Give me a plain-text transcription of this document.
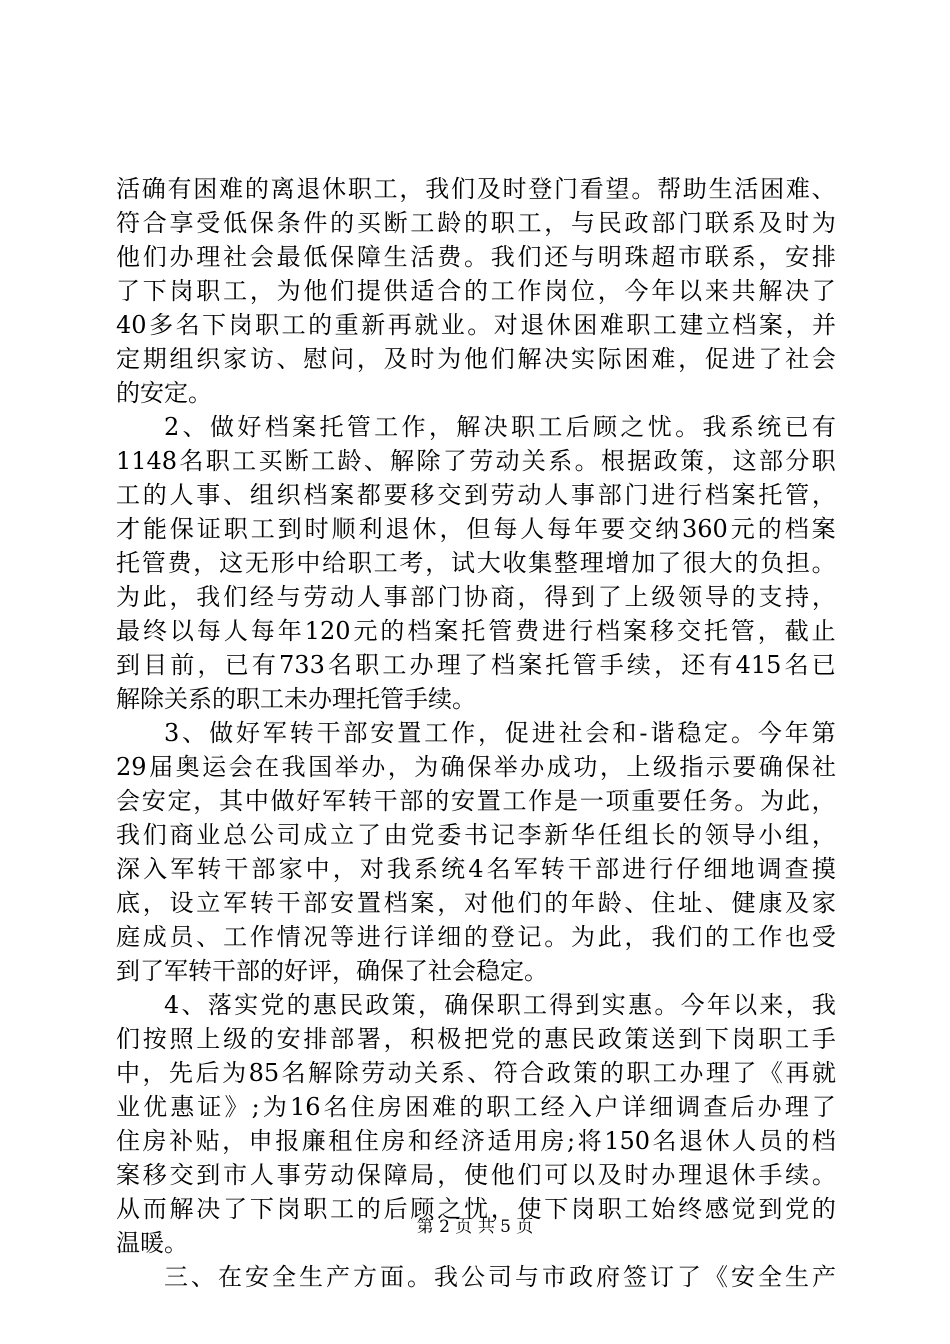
活 确 有 困 难 的 离 退 休 职 工 ， 我 们 及 时 登 门 看 望 。 帮 助 生 活 困 难 、
符 合 享 受 低 保 条 件 的 买 断 工 龄 的 职 工 ， 与 民 政 部 门 联 系 及 时 为
他 们 办 理 社 会 最 低 保 障 生 活 费 。 我 们 还 与 明 珠 超 市 联 系 ， 安 排
了 下 岗 职 工 ， 为 他 们 提 供 适 合 的 工 作 岗 位 ， 今 年 以 来 共 解 决 了
40 多 名 下 岗 职 工 的 重 新 再 就 业 。 对 退 休 困 难 职 工 建 立 档 案 ， 并
定 期 组 织 家 访 、 慰 问 ， 及 时 为 他 们 解 决 实 际 困 难 ， 促 进 了 社 会
的安定。
2 、 做 好 档 案 托 管 工 作 ， 解 决 职 工 后 顾 之 忧 。 我 系 统 已 有
1148 名 职 工 买 断 工 龄 、 解 除 了 劳 动 关 系 。 根 据 政 策 ， 这 部 分 职
工 的 人 事 、 组 织 档 案 都 要 移 交 到 劳 动 人 事 部 门 进 行 档 案 托 管 ，
才 能 保 证 职 工 到 时 顺 利 退 休 ， 但 每 人 每 年 要 交 纳 360 元 的 档 案
托 管 费 ， 这 无 形 中 给 职 工 考 ， 试 大 收 集 整 理 增 加 了 很 大 的 负 担 。
为 此 ， 我 们 经 与 劳 动 人 事 部 门 协 商 ， 得 到 了 上 级 领 导 的 支 持 ，
最 终 以 每 人 每 年 120 元 的 档 案 托 管 费 进 行 档 案 移 交 托 管 ， 截 止
到 目 前 ， 已 有 733 名 职 工 办 理 了 档 案 托 管 手 续 ， 还 有 415 名 已
解除关系的职工未办理托管手续。
3 、 做 好 军 转 干 部 安 置 工 作 ， 促 进 社 会 和 - 谐 稳 定 。 今 年 第
29 届 奥 运 会 在 我 国 举 办 ， 为 确 保 举 办 成 功 ， 上 级 指 示 要 确 保 社
会 安 定 ， 其 中 做 好 军 转 干 部 的 安 置 工 作 是 一 项 重 要 任 务 。 为 此 ，
我 们 商 业 总 公 司 成 立 了 由 党 委 书 记 李 新 华 任 组 长 的 领 导 小 组 ，
深 入 军 转 干 部 家 中 ， 对 我 系 统 4 名 军 转 干 部 进 行 仔 细 地 调 查 摸
底 ， 设 立 军 转 干 部 安 置 档 案 ， 对 他 们 的 年 龄 、 住 址 、 健 康 及 家
庭 成 员 、 工 作 情 况 等 进 行 详 细 的 登 记 。 为 此 ， 我 们 的 工 作 也 受
到了军转干部的好评，确保了社会稳定。
4 、 落 实 党 的 惠 民 政 策 ， 确 保 职 工 得 到 实 惠 。 今 年 以 来 ， 我
们 按 照 上 级 的 安 排 部 署 ， 积 极 把 党 的 惠 民 政 策 送 到 下 岗 职 工 手
中 ， 先 后 为 85 名 解 除 劳 动 关 系 、 符 合 政 策 的 职 工 办 理 了 《 再 就
业 优 惠 证 》 ; 为 16 名 住 房 困 难 的 职 工 经 入 户 详 细 调 查 后 办 理 了
住 房 补 贴 ， 申 报 廉 租 住 房 和 经 济 适 用 房 ; 将 150 名 退 休 人 员 的 档
案 移 交 到 市 人 事 劳 动 保 障 局 ， 使 他 们 可 以 及 时 办 理 退 休 手 续 。
从 而 解 决 了 下 岗 职 工 的 后 顾 之 忧 ， 使 下 岗 职 工 始 终 感 觉 到 党 的
温暖。
三 、 在 安 全 生 产 方 面 。 我 公 司 与 市 政 府 签 订 了 《 安 全 生 产
第 2 页 共 5 页
